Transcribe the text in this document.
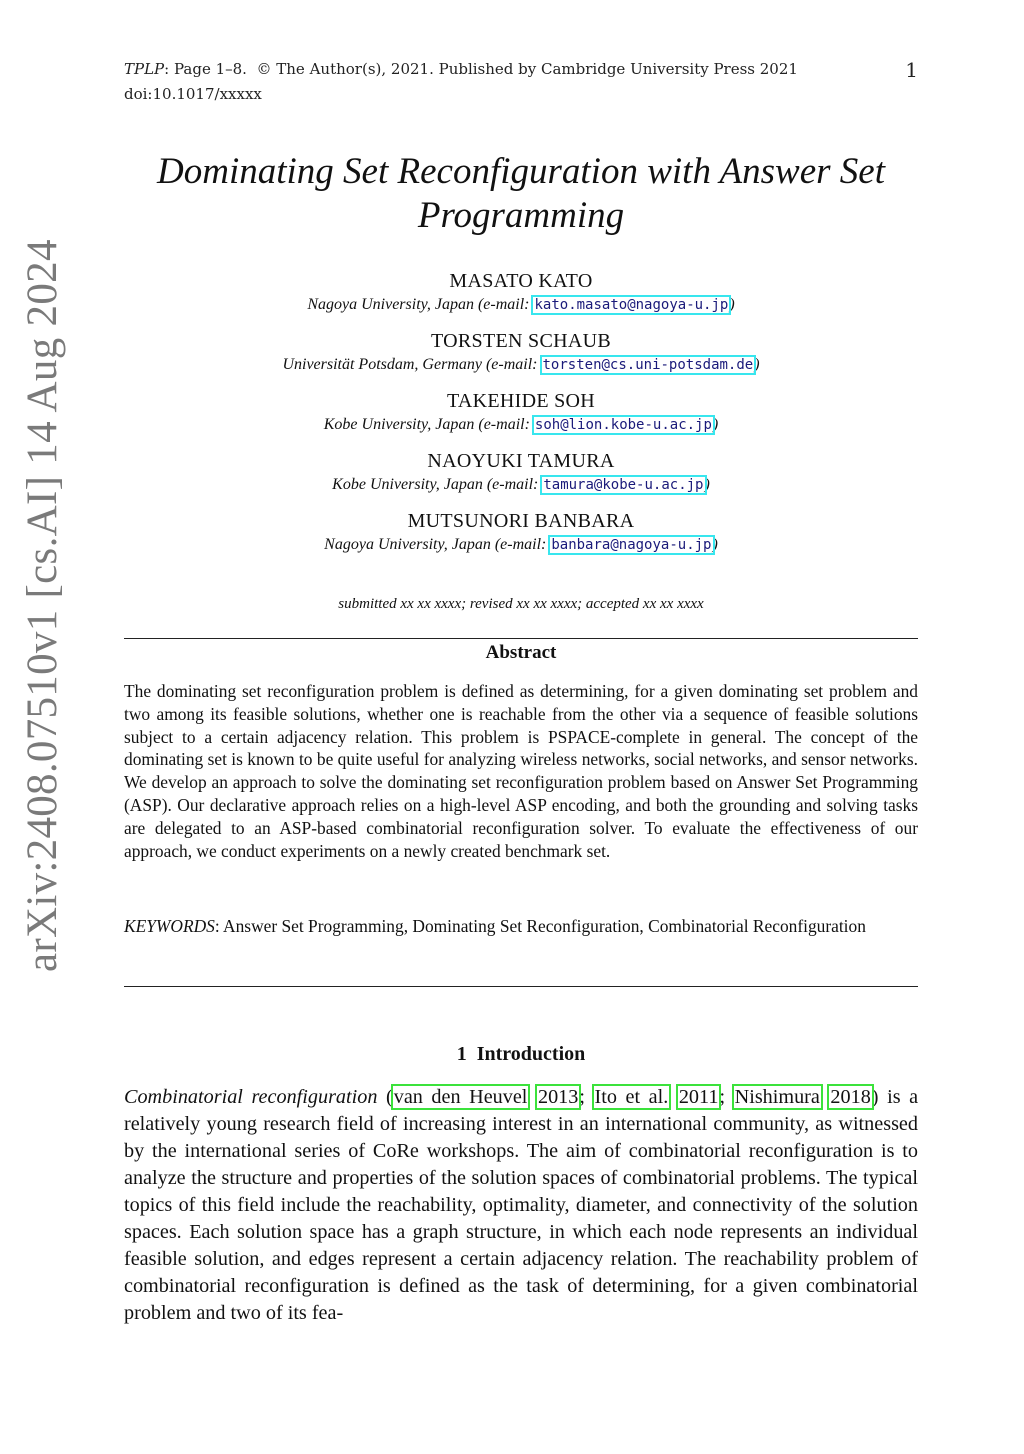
TPLP: Page 1–8. © The Author(s), 2021. Published by Cambridge University Press 2021
doi:10.1017/xxxxx
1
arXiv:2408.07510v1 [cs.AI] 14 Aug 2024
Dominating Set Reconfiguration with Answer Set Programming
MASATO KATO
Nagoya University, Japan (e-mail: kato.masato@nagoya-u.jp)
TORSTEN SCHAUB
Universität Potsdam, Germany (e-mail: torsten@cs.uni-potsdam.de)
TAKEHIDE SOH
Kobe University, Japan (e-mail: soh@lion.kobe-u.ac.jp)
NAOYUKI TAMURA
Kobe University, Japan (e-mail: tamura@kobe-u.ac.jp)
MUTSUNORI BANBARA
Nagoya University, Japan (e-mail: banbara@nagoya-u.jp)
submitted xx xx xxxx; revised xx xx xxxx; accepted xx xx xxxx
Abstract
The dominating set reconfiguration problem is defined as determining, for a given dominating set problem and two among its feasible solutions, whether one is reachable from the other via a sequence of feasible solutions subject to a certain adjacency relation. This problem is PSPACE-complete in general. The concept of the dominating set is known to be quite useful for analyzing wireless networks, social networks, and sensor networks. We develop an approach to solve the dominating set reconfiguration problem based on Answer Set Programming (ASP). Our declarative approach relies on a high-level ASP encoding, and both the grounding and solving tasks are delegated to an ASP-based combinatorial reconfiguration solver. To evaluate the effectiveness of our approach, we conduct experiments on a newly created benchmark set.
KEYWORDS: Answer Set Programming, Dominating Set Reconfiguration, Combinatorial Reconfiguration
1 Introduction
Combinatorial reconfiguration (van den Heuvel 2013; Ito et al. 2011; Nishimura 2018) is a relatively young research field of increasing interest in an international community, as witnessed by the international series of CoRe workshops. The aim of combinatorial reconfiguration is to analyze the structure and properties of the solution spaces of combinatorial problems. The typical topics of this field include the reachability, optimality, diameter, and connectivity of the solution spaces. Each solution space has a graph structure, in which each node represents an individual feasible solution, and edges represent a certain adjacency relation. The reachability problem of combinatorial reconfiguration is defined as the task of determining, for a given combinatorial problem and two of its fea-
